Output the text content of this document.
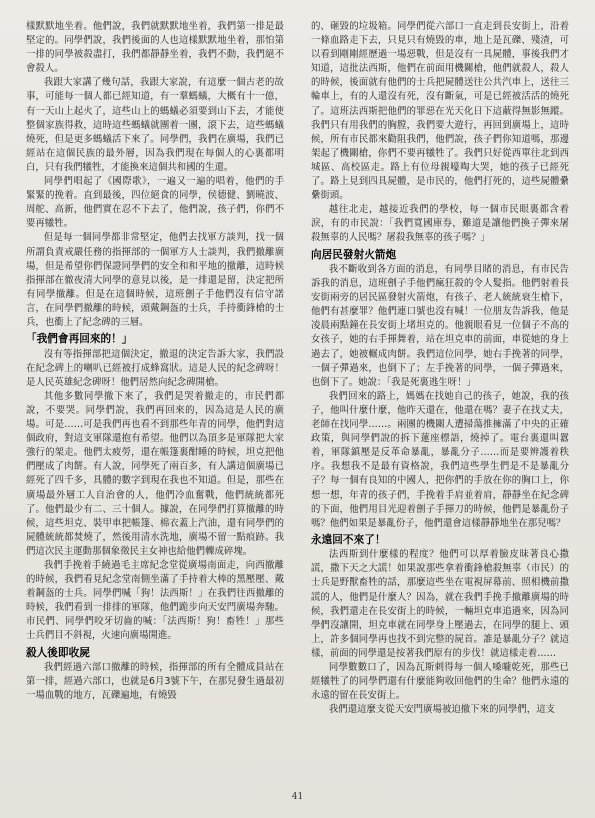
樣默默地坐着。他們說，我們就默默地坐着，我們第一排是最堅定的。同學們說，我們後面的人也這樣默默地坐着，那怕第一排的同學被殺盡打，我們都靜靜坐着，我們不動，我們絕不會殺人。

我跟大家講了幾句話，我跟大家說，有這麼一個古老的故事，可能每一個人都已經知道，有一羣螞蟻，大概有十一億，有一天山上起火了，這些山上的螞蟻必須要到山下去，才能使整個家族得救，這時這些螞蟻就團着一團，滾下去，這些螞蟻燒死，但是更多螞蟻活下來了。同學們，我們在廣場，我們已經站在這個民族的最外層，因為我們現在每個人的心裏都明白，只有我們犧牲，才能換來這個共和國的生還。

同學們唱起了《國際歌》，一遍又一遍的唱着，他們的手緊緊的挽着。直到最後，四位絕食的同學，侯德健、劉曉波、周舵、高新，他們實在忍不下去了，他們說，孩子們，你們不要再犧牲。

但是每一個同學都非常堅定，他們去找軍方談判，找一個所謂負責戒嚴任務的指揮部的一個軍方人士談判，我們撤離廣場，但是希望你們保證同學們的安全和和平地的撤離，這時候指揮部在徹夜清大同學的意見以後，是一排還是留，決定把所有同學撤離。但是在這個時候，這班劊子手他們沒有信守諾言，在同學們撤離的時候，頭戴鋼盔的士兵，手持衝鋒槍的士兵，也衝上了紀念碑的三層。

「我們會再回來的！」

沒有等指揮部把這個決定，撤退的決定告訴大家，我們設在紀念碑上的喇叭已經被打成蜂窩狀。這是人民的紀念碑呀！是人民英雄紀念碑呀！他們居然向紀念碑開槍。

其他多數同學撤下來了，我們是哭着撤走的，市民們都說，不要哭。同學們說，我們再回來的，因為這是人民的廣場。可是……可是我們再也看不到那些年青的同學，他們對這個政府，對這支軍隊還抱有希望。他們以為頂多是軍隊把大家強行的架走。他們太疲勞，還在帳篷裏酣睡的時候，坦克把他們壓成了肉餅。有人說，同學死了兩百多，有人講這個廣場已經死了四千多，具體的數字到現在我也不知道。但是，那些在廣場最外層工人自治會的人，他們冷血奮戰，他們統統都死了。他們最少有二、三十個人。據說，在同學們打算撤離的時候，這些坦克、裝甲車把帳篷、棉衣蓋上汽油，還有同學們的屍體統統都焚燒了，然後用清水洗地，廣場不留一點痕跡。我們這次民主運動那個象徵民主女神也給他們轢成碎塊。

我們手挽着手繞過毛主席紀念堂從廣場南面走，向西撤離的時候，我們看見紀念堂南側坐滿了手持着大棒的黑壓壓、戴着鋼盔的士兵。同學們喊「狗！法西斯！」在我們往西撤離的時候，我們看到一排排的軍隊，他們跪步向天安門廣場奔馳。市民們、同學們咬牙切齒的喊：「法西斯！狗！畜牲！」那些士兵們目不斜視，火速向廣場開進。

殺人後即收屍

我們經過六部口撤離的時候，指揮部的所有全體成員站在第一排，經過六部口，也就是6月3號下午，在那兒發生過最初一場血戰的地方，瓦礫遍地，有燒毀

的、砸毀的垃圾箱。同學們從六部口一直走到長安街上，沿着一條血路走下去，只見只有燒毀的車，地上是瓦礫、殘渣，可以看到剛剛經歷過一場惡戰，但是沒有一具屍體，事後我們才知道，這批法西斯，他們在前面用機關槍，他們就殺人，殺人的時候，後面就有他們的士兵把屍體送往公共汽車上，送往三輪車上，有的人還沒有死，沒有斷氣，可是已經被活活的燒死了。這班法西斯把他們的罪惡在光天化日下這蔽得無影無蹤。我們只有用我們的胸膛，我們要大遊行，再回到廣場上，這時候，所有市民都來勸阻我們，他們說，孩子們你知道嗎，那邊架起了機關槍，你們不要再犧牲了。我們只好從西單往北到西城區、高校區走。路上有位母親嚎啕大哭，她的孩子已經死了。路上見到四具屍體，是市民的，他們打死的，這些屍體纍纍街頭。

越往北走，越接近我們的學校，每一個市民眼裏都含着淚，有的市民說：「我們寬國庫券，難道是讓他們換子彈來屠殺無辜的人民嗎？屠殺我無辜的孩子嗎？」

向居民發射火箭炮

我不斷收到各方面的消息，有同學目睹的消息，有市民告訴我的消息，這班劊子手他們瘋狂殺的令人髮指。他們射着長安街兩旁的居民區發射火箭炮，有孩子、老人統統衰生槍下，他們有甚麼罪？他們連口號也沒有喊！一位朋友告訴我，他是凌晨兩點鐘在長安街上堵坦克的。他親眼看見一位個子不高的女孩子，她的右手揮舞着，站在坦克車的前面，車從她的身上過去了，她被輾成肉餅。我們這位同學，她右手挽著的同學，一個子彈過來，也倒下了；左手挽著的同學，一個子彈過來，也倒下了。她說：「我是死裏逃生呀！」

我們回來的路上，媽媽在找她自己的孩子，她說，我的孩子，他叫什麼什麼，他昨天還在，他還在嗎？妻子在找丈夫，老師在找同學……。兩團的機關人遭掃蕩推擁滿了中央的正確政策，與同學們說的拆下蓮座標語，燒掉了。電台裏還叫囂着，軍隊鎮壓是反革命暴亂，暴亂分子……而是要辨護着秩序。我想我不是最有資格說，我們這些學生們是不是暴亂分子？每一個有良知的中國人，把你們的手放在你的胸口上，你想一想，年青的孩子們，手挽着手肩並着肩，靜靜坐在紀念碑的下面，他們用目光迎着劊子手揮刀的時候，他們是暴亂份子嗎？他們如果是暴亂份子，他們還會這樣靜靜地坐在那兒嗎？

永遠回不來了！

法西斯到什麼樣的程度？他們可以厚着臉皮昧著良心撒謊，撒下天之大謊！如果說那些拿着衝鋒槍殺無辜（市民）的士兵是野獸畜牲的話，那麼這些坐在電視屏幕前、照相機前撒謊的人，他們是什麼人？因為，就在我們手挽手撤離廣場的時候，我們還走在長安街上的時候，一輛坦克車追過來，因為同學們沒讓開，坦克車就在同學身上壓過去，在同學的腿上、頭上，許多個同學再也找不到完整的屍首。誰是暴亂分子？就這樣，前面的同學還是按著我們原有的步伐！就這樣走着……

同學數數口了，因為瓦斯刺得每一個人嗓嚨乾死，那些已經犧牲了的同學們還有什麼能夠收回他們的生命？他們永遠的永遠的留在長安街上。

我們還這麼支從天安門廣場被迫撤下來的同學們，這支

41
